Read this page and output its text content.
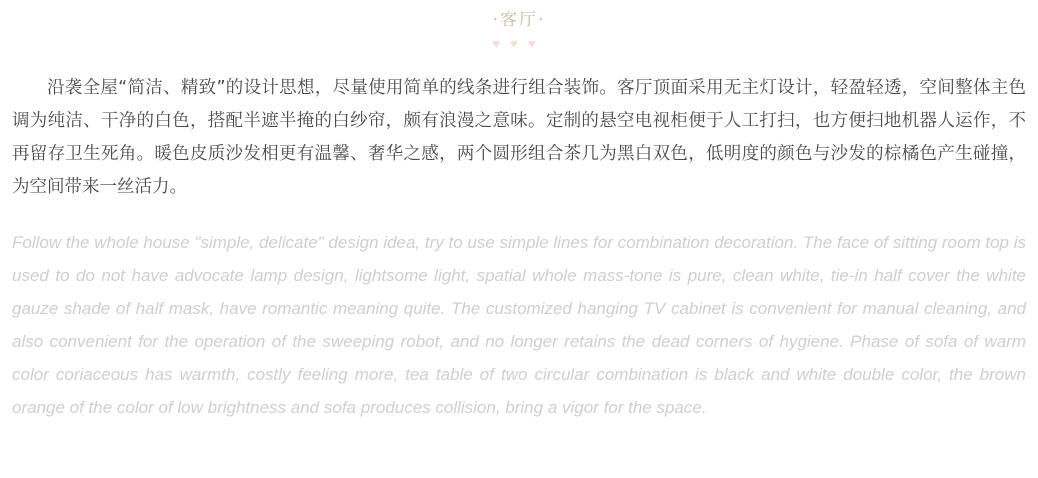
·客厅·
♥♥♥

沿袭全屋“简洁、精致”的设计思想，尽量使用简单的线条进行组合装饰。客厅顶面采用无主灯设计，轻盈轻透，空间整体主色调为纯洁、干净的白色，搭配半遮半掩的白纱帘，颇有浪漫之意味。定制的悬空电视柜便于人工打扫，也方便扫地机器人运作，不再留存卫生死角。暖色皮质沙发相更有温馨、奢华之感，两个圆形组合茶几为黑白双色，低明度的颜色与沙发的棕橘色产生碰撞，为空间带来一丝活力。

Follow the whole house "simple, delicate" design idea, try to use simple lines for combination decoration. The face of sitting room top is used to do not have advocate lamp design, lightsome light, spatial whole mass-tone is pure, clean white, tie-in half cover the white gauze shade of half mask, have romantic meaning quite. The customized hanging TV cabinet is convenient for manual cleaning, and also convenient for the operation of the sweeping robot, and no longer retains the dead corners of hygiene. Phase of sofa of warm color coriaceous has warmth, costly feeling more, tea table of two circular combination is black and white double color, the brown orange of the color of low brightness and sofa produces collision, bring a vigor for the space.
